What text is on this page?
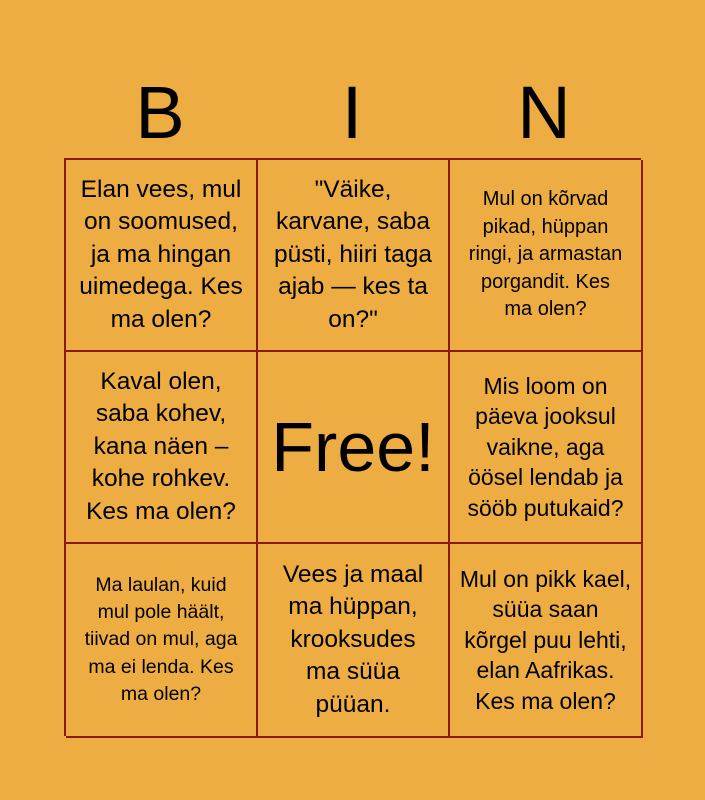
B	I	N
Elan vees, mul on soomused, ja ma hingan uimedega. Kes ma olen?
"Väike, karvane, saba püsti, hiiri taga ajab — kes ta on?"
Mul on kõrvad pikad, hüppan ringi, ja armastan porgandit. Kes ma olen?
Kaval olen, saba kohev, kana näen – kohe rohkev. Kes ma olen?
Free!
Mis loom on päeva jooksul vaikne, aga öösel lendab ja sööb putukaid?
Ma laulan, kuid mul pole häält, tiivad on mul, aga ma ei lenda. Kes ma olen?
Vees ja maal ma hüppan, krooksudes ma süüa püüan.
Mul on pikk kael, süüa saan kõrgel puu lehti, elan Aafrikas. Kes ma olen?
